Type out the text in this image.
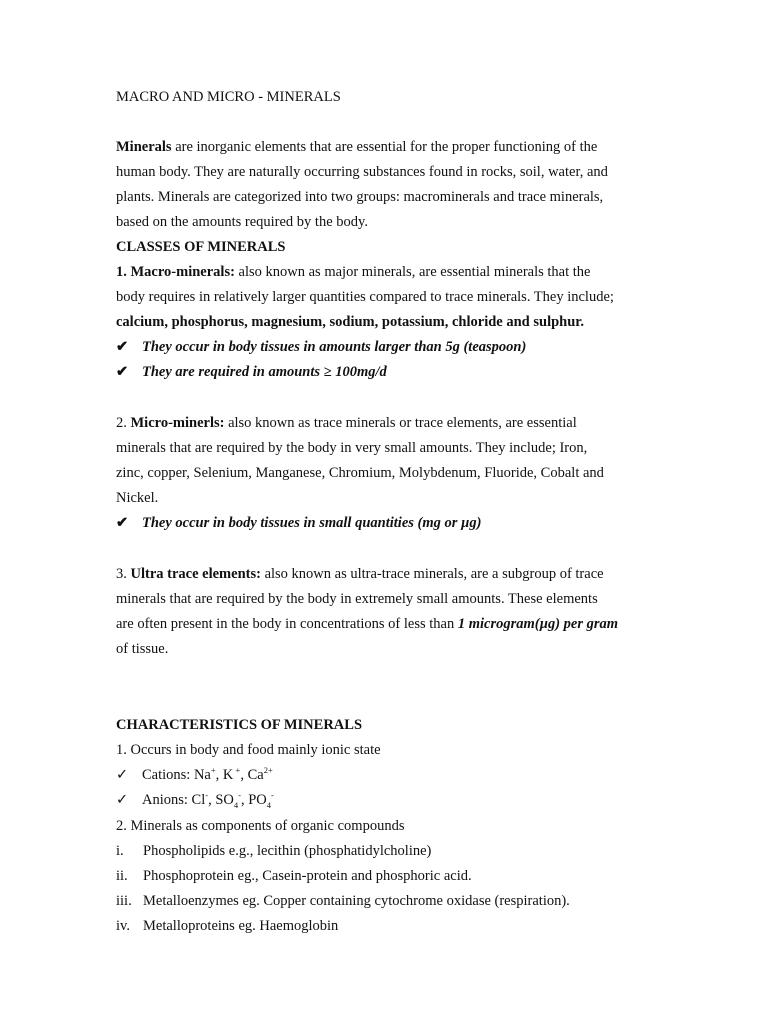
MACRO AND MICRO - MINERALS

Minerals are inorganic elements that are essential for the proper functioning of the

human body. They are naturally occurring substances found in rocks, soil, water, and

plants. Minerals are categorized into two groups: macrominerals and trace minerals,

based on the amounts required by the body.

CLASSES OF MINERALS

1. Macro-minerals: also known as major minerals, are essential minerals that the

body requires in relatively larger quantities compared to trace minerals. They include;

calcium, phosphorus, magnesium, sodium, potassium, chloride and sulphur.

✔ They occur in body tissues in amounts larger than 5g (teaspoon)

✔ They are required in amounts ≥ 100mg/d

2. Micro-minerls: also known as trace minerals or trace elements, are essential

minerals that are required by the body in very small amounts. They include; Iron,

zinc, copper, Selenium, Manganese, Chromium, Molybdenum, Fluoride, Cobalt and

Nickel.

✔ They occur in body tissues in small quantities (mg or µg)

3. Ultra trace elements: also known as ultra-trace minerals, are a subgroup of trace

minerals that are required by the body in extremely small amounts. These elements

are often present in the body in concentrations of less than 1 microgram(µg) per gram

of tissue.

CHARACTERISTICS OF MINERALS

1. Occurs in body and food mainly ionic state

✓ Cations: Na+, K +, $Ca^{2+}$

✓ Anions: Cl-, $SO_4^-$, $PO_4^-$

2. Minerals as components of organic compounds

i. Phospholipids e.g., lecithin (phosphatidylcholine)

ii. Phosphoprotein eg., Casein-protein and phosphoric acid.

iii. Metalloenzymes eg. Copper containing cytochrome oxidase (respiration).

iv. Metalloproteins eg. Haemoglobin
